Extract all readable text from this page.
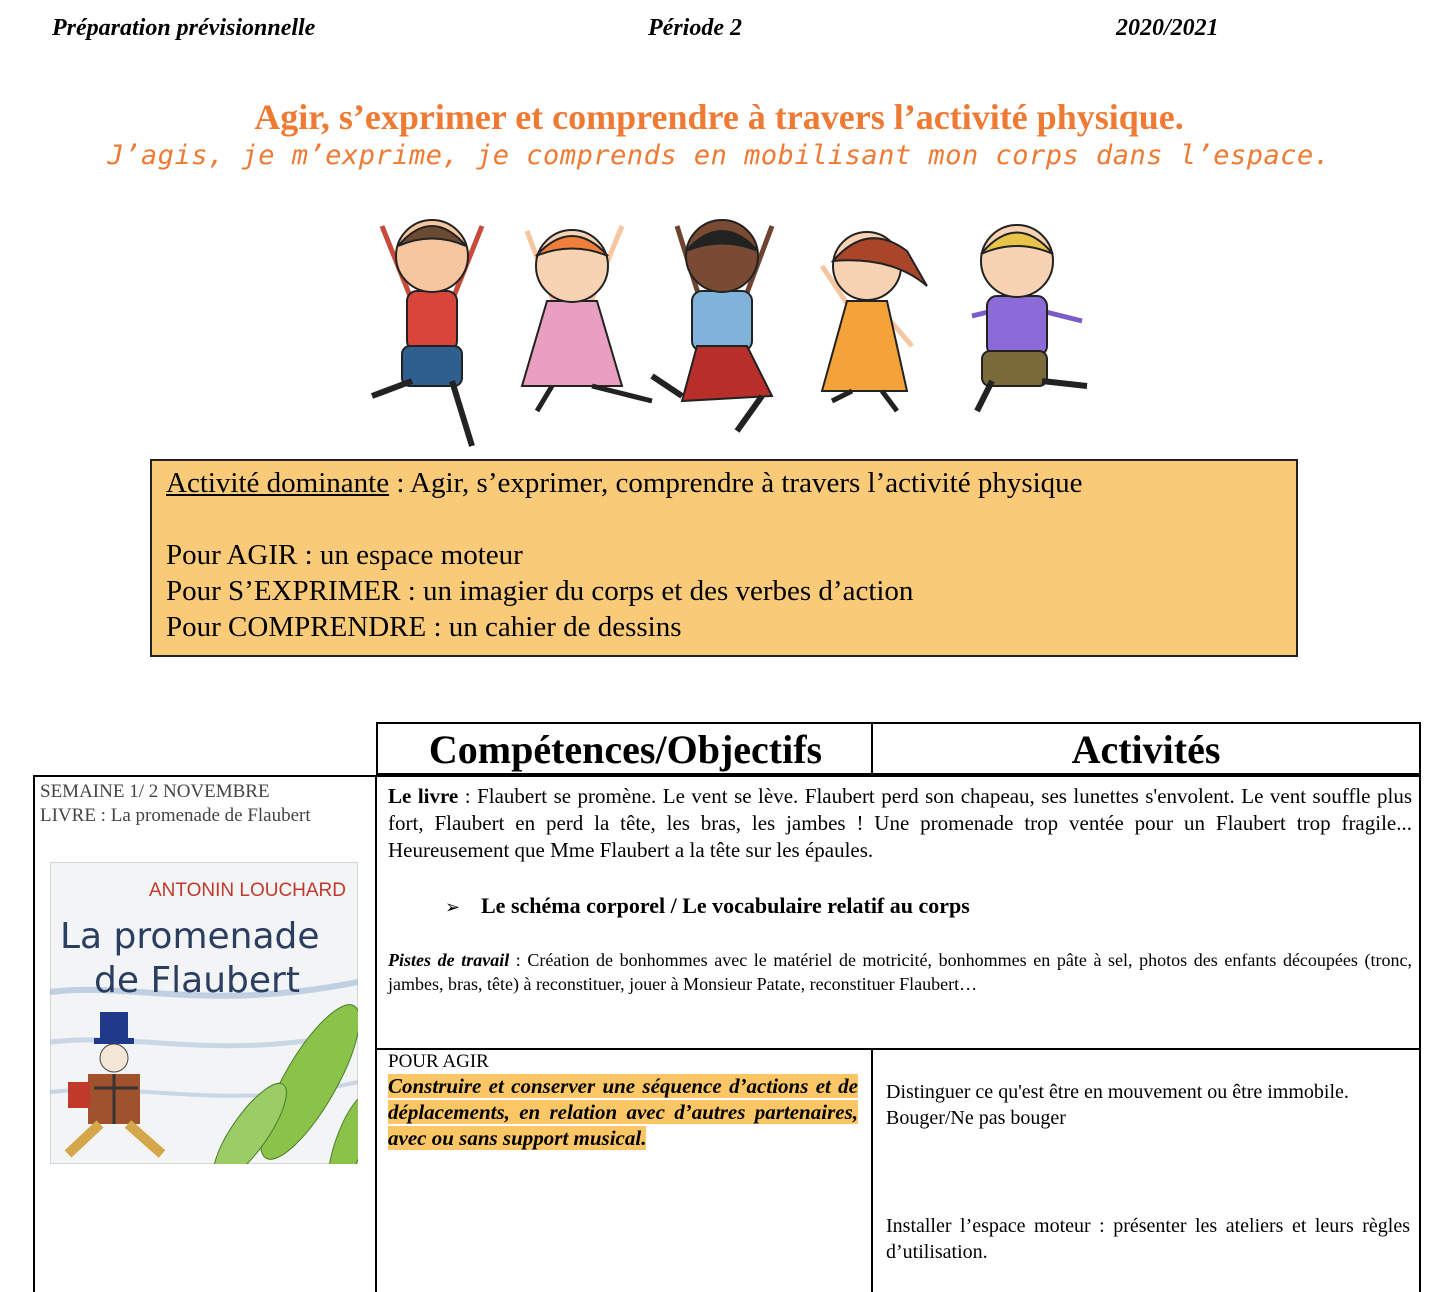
Préparation prévisionnelle	Période 2	2020/2021
Agir, s’exprimer et comprendre à travers l’activité physique.
J’agis, je m’exprime, je comprends en mobilisant mon corps dans l’espace.
Activité dominante : Agir, s’exprimer, comprendre à travers l’activité physique
Pour AGIR : un espace moteur
Pour S’EXPRIMER : un imagier du corps et des verbes d’action
Pour COMPRENDRE : un cahier de dessins
Compétences/Objectifs	Activités
SEMAINE 1/ 2 NOVEMBRE
LIVRE : La promenade de Flaubert
ANTONIN LOUCHARD
La promenade
de Flaubert
Le livre : Flaubert se promène. Le vent se lève. Flaubert perd son chapeau, ses lunettes s'envolent. Le vent souffle plus fort, Flaubert en perd la tête, les bras, les jambes ! Une promenade trop ventée pour un Flaubert trop fragile... Heureusement que Mme Flaubert a la tête sur les épaules.
➢ Le schéma corporel / Le vocabulaire relatif au corps
Pistes de travail : Création de bonhommes avec le matériel de motricité, bonhommes en pâte à sel, photos des enfants découpées (tronc, jambes, bras, tête) à reconstituer, jouer à Monsieur Patate, reconstituer Flaubert…
POUR AGIR
Construire et conserver une séquence d’actions et de déplacements, en relation avec d’autres partenaires, avec ou sans support musical.
Distinguer ce qu'est être en mouvement ou être immobile.
Bouger/Ne pas bouger
Installer l’espace moteur : présenter les ateliers et leurs règles d’utilisation.
